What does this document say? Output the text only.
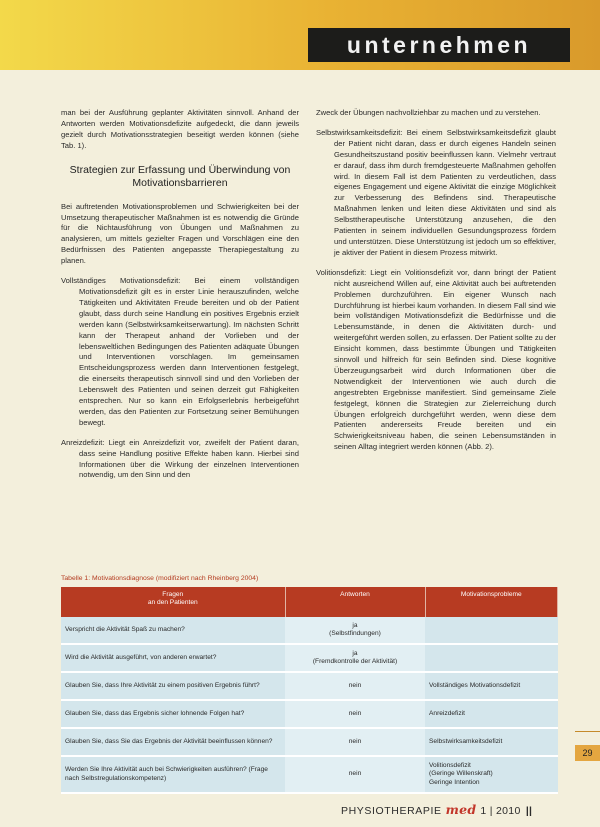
unternehmen

man bei der Ausführung geplanter Aktivitäten sinnvoll. Anhand der Antworten werden Motivationsdefizite aufgedeckt, die dann jeweils gezielt durch Motivationsstrategien beseitigt werden können (siehe Tab. 1).

Strategien zur Erfassung und Überwindung von Motivationsbarrieren

Bei auftretenden Motivationsproblemen und Schwierigkeiten bei der Umsetzung therapeutischer Maßnahmen ist es notwendig die Gründe für die Nichtausführung von Übungen und Maßnahmen zu analysieren, um mittels gezielter Fragen und Vorschlägen eine den Bedürfnissen des Patienten angepasste Therapiegestaltung zu planen.

Vollständiges Motivationsdefizit: Bei einem vollständigen Motivationsdefizit gilt es in erster Linie herauszufinden, welche Tätigkeiten und Aktivitäten Freude bereiten und ob der Patient glaubt, dass durch seine Handlung ein positives Ergebnis erzielt werden kann (Selbstwirksamkeitserwartung). Im nächsten Schritt kann der Therapeut anhand der Vorlieben und der lebensweltlichen Bedingungen des Patienten adäquate Übungen und Interventionen vorschlagen. Im gemeinsamen Entscheidungsprozess werden dann Interventionen festgelegt, die einerseits therapeutisch sinnvoll sind und den Vorlieben der Lebenswelt des Patienten und seinen derzeit gut Fähigkeiten entsprechen. Nur so kann ein Erfolgserlebnis herbeigeführt werden, das den Patienten zur Fortsetzung seiner Bemühungen bewegt.

Anreizdefizit: Liegt ein Anreizdefizit vor, zweifelt der Patient daran, dass seine Handlung positive Effekte haben kann. Hierbei sind Informationen über die Wirkung der einzelnen Interventionen notwendig, um den Sinn und den

Zweck der Übungen nachvollziehbar zu machen und zu verstehen.

Selbstwirksamkeitsdefizit: Bei einem Selbstwirksamkeitsdefizit glaubt der Patient nicht daran, dass er durch eigenes Handeln seinen Gesundheitszustand positiv beeinflussen kann. Vielmehr vertraut er darauf, dass ihm durch fremdgesteuerte Maßnahmen geholfen wird. In diesem Fall ist dem Patienten zu verdeutlichen, dass eigenes Engagement und eigene Aktivität die einzige Möglichkeit zur Verbesserung des Befindens sind. Therapeutische Maßnahmen lenken und leiten diese Aktivitäten und sind als Selbsttherapeutische Unterstützung anzusehen, die den Patienten in seinem individuellen Gesundungsprozess fördern und unterstützen. Diese Unterstützung ist jedoch um so effektiver, je aktiver der Patient in diesem Prozess mitwirkt.

Volitionsdefizit: Liegt ein Volitionsdefizit vor, dann bringt der Patient nicht ausreichend Willen auf, eine Aktivität auch bei auftretenden Problemen durchzuführen. Ein eigener Wunsch nach Durchführung ist hierbei kaum vorhanden. In diesem Fall sind wie beim vollständigen Motivationsdefizit die Bedürfnisse und die Lebensumstände, in denen die Aktivitäten durch- und weitergeführt werden sollen, zu erfassen. Der Patient sollte zu der Einsicht kommen, dass bestimmte Übungen und Tätigkeiten sinnvoll und hilfreich für sein Befinden sind. Diese kognitive Überzeugungsarbeit wird durch Informationen über die Notwendigkeit der Interventionen wie auch durch die angestrebten Ergebnisse manifestiert. Sind gemeinsame Ziele festgelegt, können die Strategien zur Zielerreichung durch Übungen erfolgreich durchgeführt werden, wenn diese dem Patienten andererseits Freude bereiten und ein Schwierigkeitsniveau haben, die seinen Lebensumständen in seinen Alltag integriert werden können (Abb. 2).

Tabelle 1: Motivationsdiagnose (modifiziert nach Rheinberg 2004)
Fragen
an den Patienten	Antworten	Motivationsprobleme
Verspricht die Aktivität Spaß zu machen?	ja
(Selbstfindungen)	

Wird die Aktivität ausgeführt, von anderen erwartet?	ja
(Fremdkontrolle der Aktivität)	

Glauben Sie, dass Ihre Aktivität zu einem positiven Ergebnis führt?	nein	Vollständiges Motivationsdefizit

Glauben Sie, dass das Ergebnis sicher lohnende Folgen hat?	nein	Anreizdefizit

Glauben Sie, dass Sie das Ergebnis der Aktivität beeinflussen können?	nein	Selbstwirksamkeitsdefizit

Werden Sie Ihre Aktivität auch bei Schwierigkeiten ausführen? (Frage nach Selbstregulationskompetenz)	nein	Volitionsdefizit
(Geringe Willenskraft)
Geringe Intention
29
PHYSIOTHERAPIE med 1 | 2010 ||
